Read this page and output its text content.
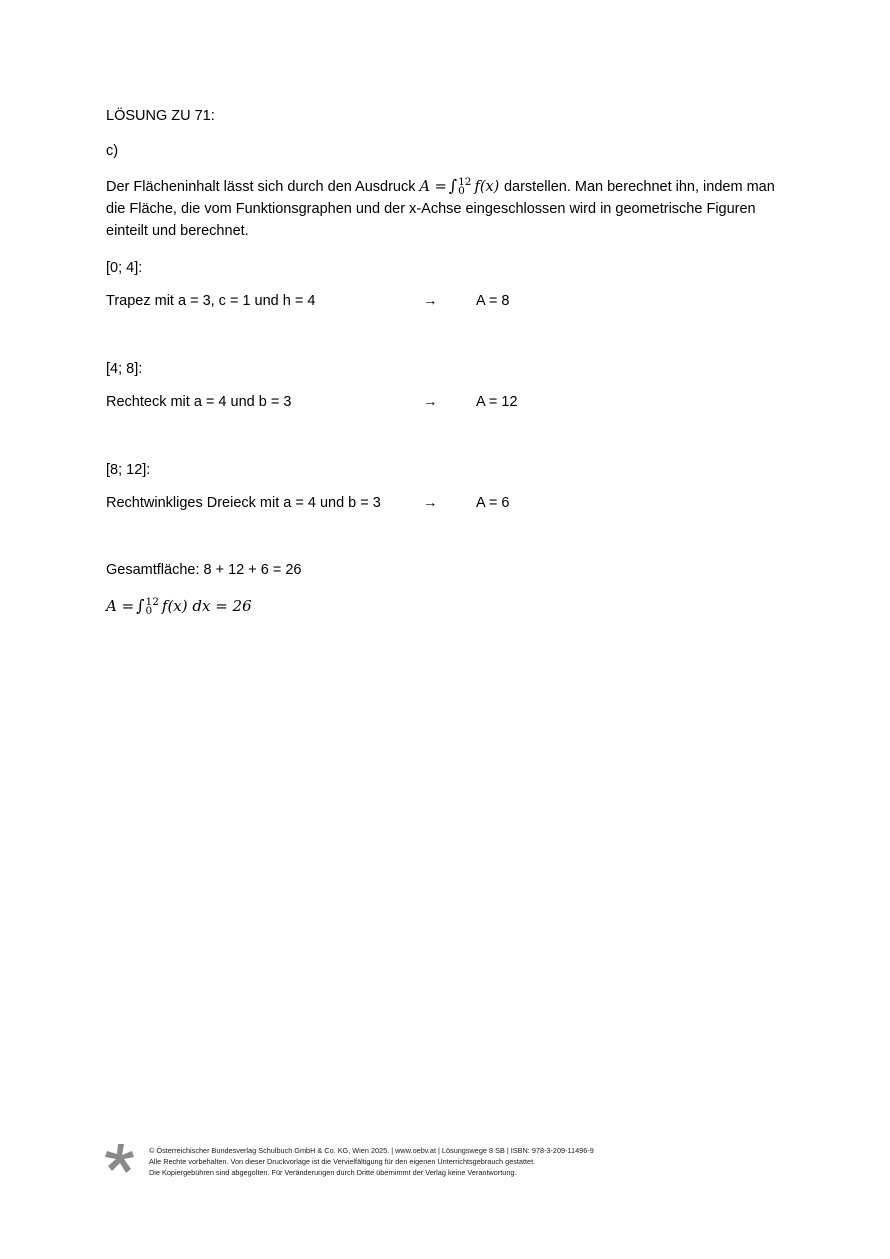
LÖSUNG ZU 71:
c)
Der Flächeninhalt lässt sich durch den Ausdruck A = ∫ 12
0 f(x) darstellen. Man berechnet ihn, indem man die Fläche, die vom Funktionsgraphen und der x-Achse eingeschlossen wird in geometrische Figuren einteilt und berechnet.
[0; 4]:
Trapez mit a = 3, c = 1 und h = 4	→	A = 8
[4; 8]:
Rechteck mit a = 4 und b = 3	→	A = 12
[8; 12]:
Rechtwinkliges Dreieck mit a = 4 und b = 3	→	A = 6
Gesamtfläche: 8 + 12 + 6 = 26
A = ∫ 12
0 f(x) dx = 26
© Österreichischer Bundesverlag Schulbuch GmbH & Co. KG, Wien 2025. | www.oebv.at | Lösungswege 8 SB | ISBN: 978-3-209-11496-9
Alle Rechte vorbehalten. Von dieser Druckvorlage ist die Vervielfältigung für den eigenen Unterrichtsgebrauch gestattet.
Die Kopiergebühren sind abgegolten. Für Veränderungen durch Dritte übernimmt der Verlag keine Verantwortung.
